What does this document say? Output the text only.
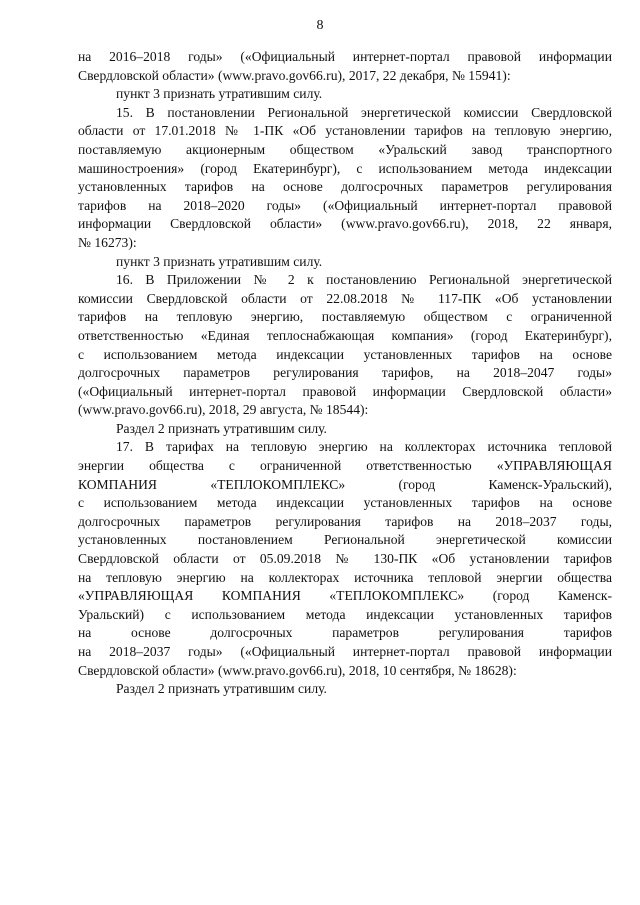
8
на 2016–2018 годы» («Официальный интернет-портал правовой информации
Свердловской области» (www.pravo.gov66.ru), 2017, 22 декабря, № 15941):
пункт 3 признать утратившим силу.
15. В постановлении Региональной энергетической комиссии Свердловской
области от 17.01.2018 № 1-ПК «Об установлении тарифов на тепловую энергию,
поставляемую акционерным обществом «Уральский завод транспортного
машиностроения» (город Екатеринбург), с использованием метода индексации
установленных тарифов на основе долгосрочных параметров регулирования
тарифов на 2018–2020 годы» («Официальный интернет-портал правовой
информации Свердловской области» (www.pravo.gov66.ru), 2018, 22 января,
№ 16273):
пункт 3 признать утратившим силу.
16. В Приложении № 2 к постановлению Региональной энергетической
комиссии Свердловской области от 22.08.2018 № 117-ПК «Об установлении
тарифов на тепловую энергию, поставляемую обществом с ограниченной
ответственностью «Единая теплоснабжающая компания» (город Екатеринбург),
с использованием метода индексации установленных тарифов на основе
долгосрочных параметров регулирования тарифов, на 2018–2047 годы»
(«Официальный интернет-портал правовой информации Свердловской области»
(www.pravo.gov66.ru), 2018, 29 августа, № 18544):
Раздел 2 признать утратившим силу.
17. В тарифах на тепловую энергию на коллекторах источника тепловой
энергии общества с ограниченной ответственностью «УПРАВЛЯЮЩАЯ
КОМПАНИЯ «ТЕПЛОКОМПЛЕКС» (город Каменск-Уральский),
с использованием метода индексации установленных тарифов на основе
долгосрочных параметров регулирования тарифов на 2018–2037 годы,
установленных постановлением Региональной энергетической комиссии
Свердловской области от 05.09.2018 № 130-ПК «Об установлении тарифов
на тепловую энергию на коллекторах источника тепловой энергии общества
«УПРАВЛЯЮЩАЯ КОМПАНИЯ «ТЕПЛОКОМПЛЕКС» (город Каменск-
Уральский) с использованием метода индексации установленных тарифов
на основе долгосрочных параметров регулирования тарифов
на 2018–2037 годы» («Официальный интернет-портал правовой информации
Свердловской области» (www.pravo.gov66.ru), 2018, 10 сентября, № 18628):
Раздел 2 признать утратившим силу.
